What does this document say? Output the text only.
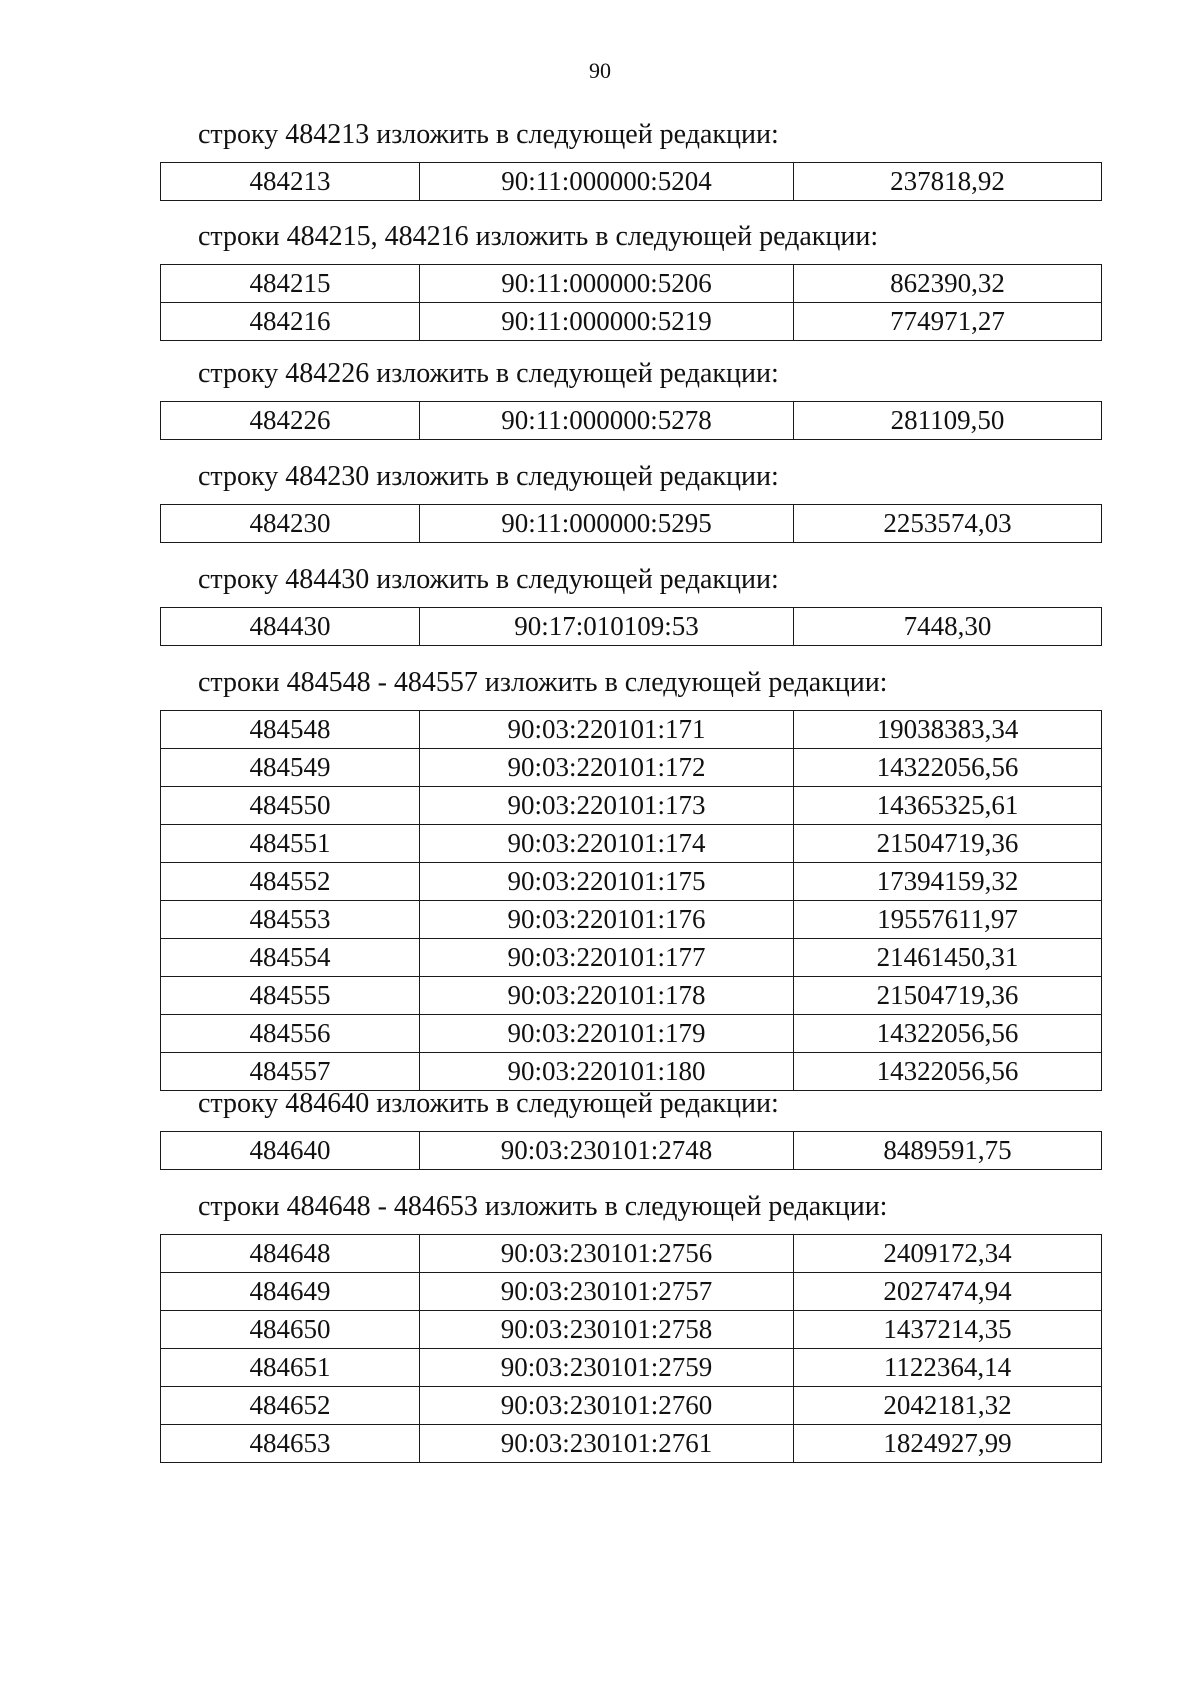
90
строку 484213 изложить в следующей редакции:
484213	90:11:000000:5204	237818,92
строки 484215, 484216 изложить в следующей редакции:
484215	90:11:000000:5206	862390,32
484216	90:11:000000:5219	774971,27
строку 484226 изложить в следующей редакции:
484226	90:11:000000:5278	281109,50
строку 484230 изложить в следующей редакции:
484230	90:11:000000:5295	2253574,03
строку 484430 изложить в следующей редакции:
484430	90:17:010109:53	7448,30
строки 484548 - 484557 изложить в следующей редакции:
484548	90:03:220101:171	19038383,34
484549	90:03:220101:172	14322056,56
484550	90:03:220101:173	14365325,61
484551	90:03:220101:174	21504719,36
484552	90:03:220101:175	17394159,32
484553	90:03:220101:176	19557611,97
484554	90:03:220101:177	21461450,31
484555	90:03:220101:178	21504719,36
484556	90:03:220101:179	14322056,56
484557	90:03:220101:180	14322056,56
строку 484640 изложить в следующей редакции:
484640	90:03:230101:2748	8489591,75
строки 484648 - 484653 изложить в следующей редакции:
484648	90:03:230101:2756	2409172,34
484649	90:03:230101:2757	2027474,94
484650	90:03:230101:2758	1437214,35
484651	90:03:230101:2759	1122364,14
484652	90:03:230101:2760	2042181,32
484653	90:03:230101:2761	1824927,99
